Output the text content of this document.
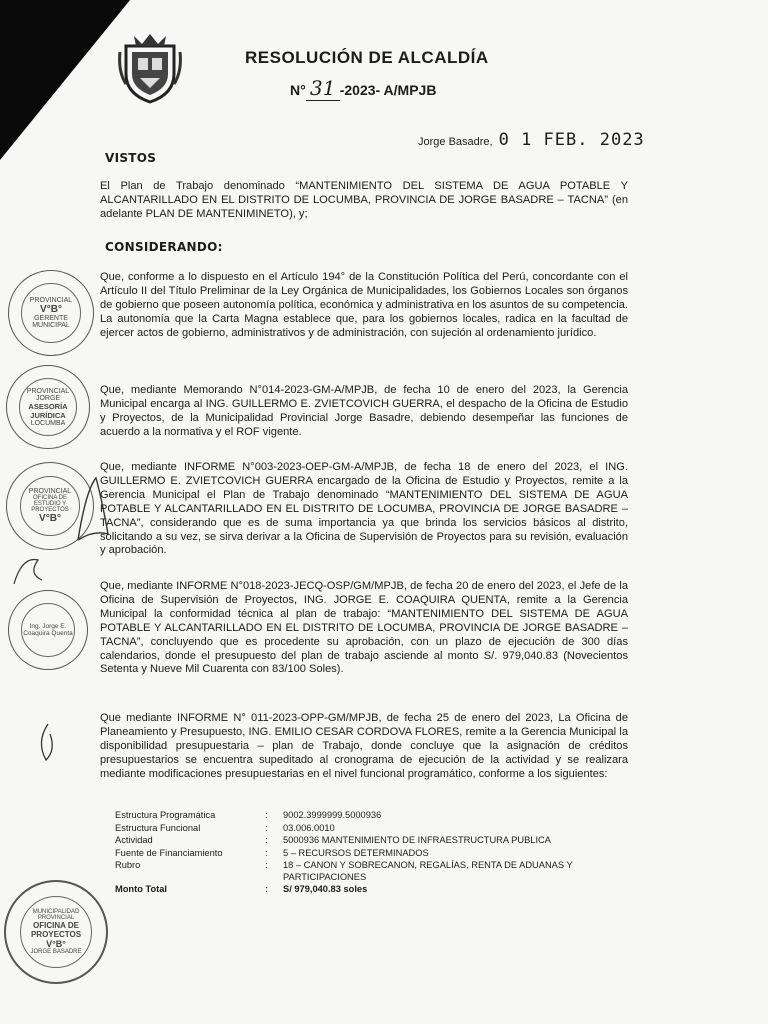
RESOLUCIÓN DE ALCALDÍA
N° 31 -2023- A/MPJB
Jorge Basadre, 0 1 FEB. 2023
VISTOS
El Plan de Trabajo denominado “MANTENIMIENTO DEL SISTEMA DE AGUA POTABLE Y ALCANTARILLADO EN EL DISTRITO DE LOCUMBA, PROVINCIA DE JORGE BASADRE – TACNA” (en adelante PLAN DE MANTENIMINETO), y;
CONSIDERANDO:
Que, conforme a lo dispuesto en el Artículo 194° de la Constitución Política del Perú, concordante con el Artículo II del Título Preliminar de la Ley Orgánica de Municipalidades, los Gobiernos Locales son órganos de gobierno que poseen autonomía política, económica y administrativa en los asuntos de su competencia. La autonomía que la Carta Magna establece que, para los gobiernos locales, radica en la facultad de ejercer actos de gobierno, administrativos y de administración, con sujeción al ordenamiento jurídico.
Que, mediante Memorando N°014-2023-GM-A/MPJB, de fecha 10 de enero del 2023, la Gerencia Municipal encarga al ING. GUILLERMO E. ZVIETCOVICH GUERRA, el despacho de la Oficina de Estudio y Proyectos, de la Municipalidad Provincial Jorge Basadre, debiendo desempeñar las funciones de acuerdo a la normativa y el ROF vigente.
Que, mediante INFORME N°003-2023-OEP-GM-A/MPJB, de fecha 18 de enero del 2023, el ING. GUILLERMO E. ZVIETCOVICH GUERRA encargado de la Oficina de Estudio y Proyectos, remite a la Gerencia Municipal el Plan de Trabajo denominado “MANTENIMIENTO DEL SISTEMA DE AGUA POTABLE Y ALCANTARILLADO EN EL DISTRITO DE LOCUMBA, PROVINCIA DE JORGE BASADRE – TACNA”, considerando que es de suma importancia ya que brinda los servicios básicos al distrito, solicitando a su vez, se sirva derivar a la Oficina de Supervisión de Proyectos para su revisión, evaluación y aprobación.
Que, mediante INFORME N°018-2023-JECQ-OSP/GM/MPJB, de fecha 20 de enero del 2023, el Jefe de la Oficina de Supervisión de Proyectos, ING. JORGE E. COAQUIRA QUENTA, remite a la Gerencia Municipal la conformidad técnica al plan de trabajo: “MANTENIMIENTO DEL SISTEMA DE AGUA POTABLE Y ALCANTARILLADO EN EL DISTRITO DE LOCUMBA, PROVINCIA DE JORGE BASADRE – TACNA”, concluyendo que es procedente su aprobación, con un plazo de ejecución de 300 días calendarios, donde el presupuesto del plan de trabajo asciende al monto S/. 979,040.83 (Novecientos Setenta y Nueve Mil Cuarenta con 83/100 Soles).
Que mediante INFORME N° 011-2023-OPP-GM/MPJB, de fecha 25 de enero del 2023, La Oficina de Planeamiento y Presupuesto, ING. EMILIO CESAR CORDOVA FLORES, remite a la Gerencia Municipal la disponibilidad presupuestaria – plan de Trabajo, donde concluye que la asignación de créditos presupuestarios se encuentra supeditado al cronograma de ejecución de la actividad y se realizara mediante modificaciones presupuestarias en el nivel funcional programático, conforme a los siguientes:
Estructura Programática	:	9002.3999999.5000936
Estructura Funcional	:	03.006.0010
Actividad	:	5000936 MANTENIMIENTO DE INFRAESTRUCTURA PUBLICA
Fuente de Financiamiento	:	5 – RECURSOS DETERMINADOS
Rubro	:	18 – CANON Y SOBRECANON, REGALÍAS, RENTA DE ADUANAS Y PARTICIPACIONES
Monto Total	:	S/ 979,040.83 soles
PROVINCIAL
V°B°
GERENTE MUNICIPAL
PROVINCIAL JORGE
ASESORÍA JURÍDICA
LOCUMBA
PROVINCIAL
OFICINA DE ESTUDIO Y PROYECTOS
V°B°
Ing. Jorge E. Coaquira Quenta
MUNICIPALIDAD PROVINCIAL
OFICINA DE PROYECTOS
V°B°
JORGE BASADRE
